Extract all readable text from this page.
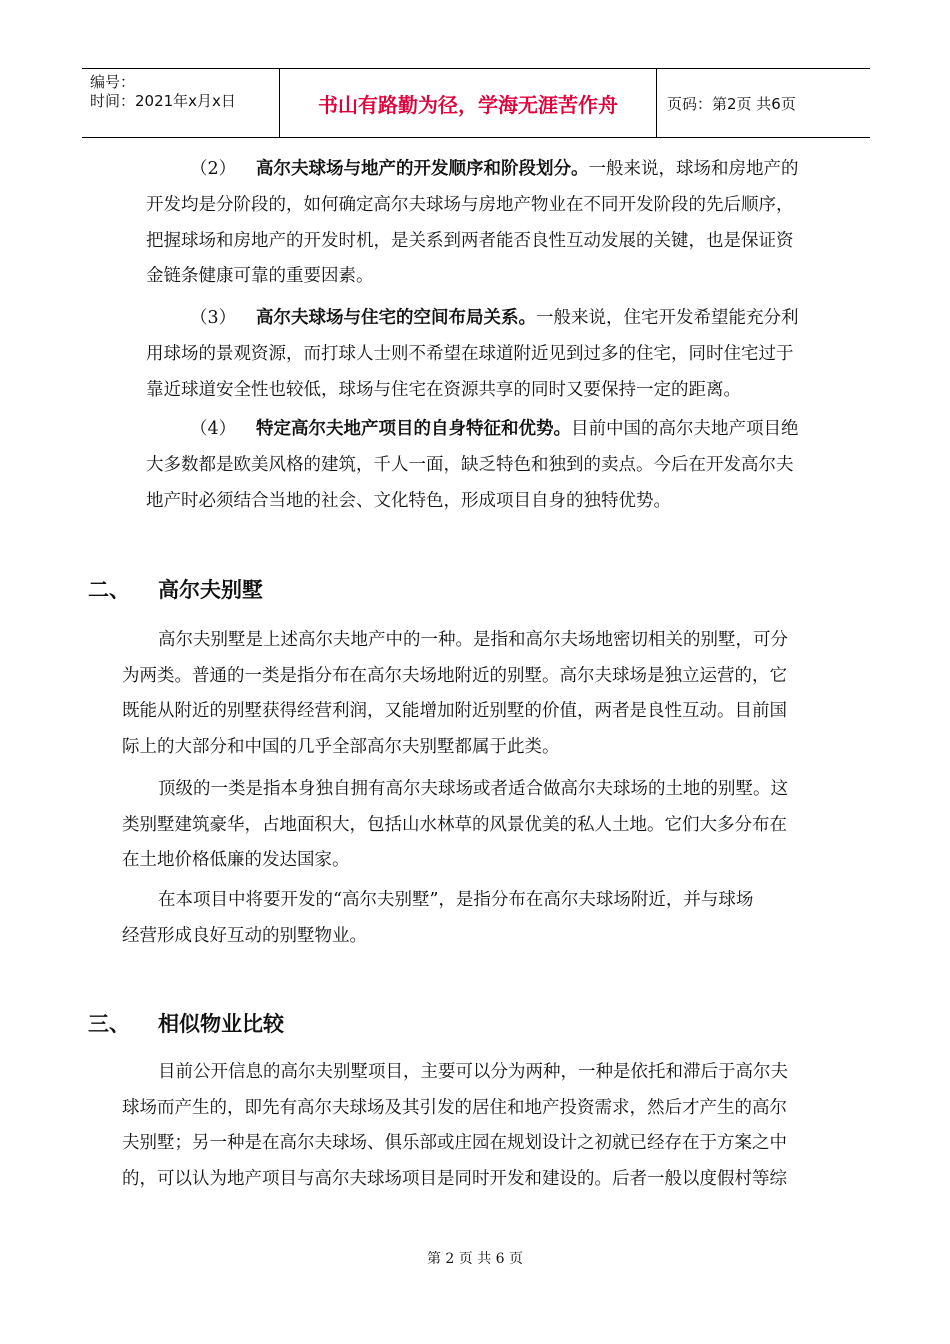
编号：
时间：2021年x月x日	书山有路勤为径，学海无涯苦作舟	页码：第2页 共6页
（2） 高尔夫球场与地产的开发顺序和阶段划分。一般来说，球场和房地产的
开发均是分阶段的，如何确定高尔夫球场与房地产物业在不同开发阶段的先后顺序，
把握球场和房地产的开发时机，是关系到两者能否良性互动发展的关键，也是保证资
金链条健康可靠的重要因素。
（3） 高尔夫球场与住宅的空间布局关系。一般来说，住宅开发希望能充分利
用球场的景观资源，而打球人士则不希望在球道附近见到过多的住宅，同时住宅过于
靠近球道安全性也较低，球场与住宅在资源共享的同时又要保持一定的距离。
（4） 特定高尔夫地产项目的自身特征和优势。目前中国的高尔夫地产项目绝
大多数都是欧美风格的建筑，千人一面，缺乏特色和独到的卖点。今后在开发高尔夫
地产时必须结合当地的社会、文化特色，形成项目自身的独特优势。
二、 高尔夫别墅
高尔夫别墅是上述高尔夫地产中的一种。是指和高尔夫场地密切相关的别墅，可分
为两类。普通的一类是指分布在高尔夫场地附近的别墅。高尔夫球场是独立运营的，它
既能从附近的别墅获得经营利润，又能增加附近别墅的价值，两者是良性互动。目前国
际上的大部分和中国的几乎全部高尔夫别墅都属于此类。
顶级的一类是指本身独自拥有高尔夫球场或者适合做高尔夫球场的土地的别墅。这
类别墅建筑豪华，占地面积大，包括山水林草的风景优美的私人土地。它们大多分布在
在土地价格低廉的发达国家。
在本项目中将要开发的“高尔夫别墅”，是指分布在高尔夫球场附近，并与球场
经营形成良好互动的别墅物业。
三、 相似物业比较
目前公开信息的高尔夫别墅项目，主要可以分为两种，一种是依托和滞后于高尔夫
球场而产生的，即先有高尔夫球场及其引发的居住和地产投资需求，然后才产生的高尔
夫别墅；另一种是在高尔夫球场、俱乐部或庄园在规划设计之初就已经存在于方案之中
的，可以认为地产项目与高尔夫球场项目是同时开发和建设的。后者一般以度假村等综
第 2 页 共 6 页
